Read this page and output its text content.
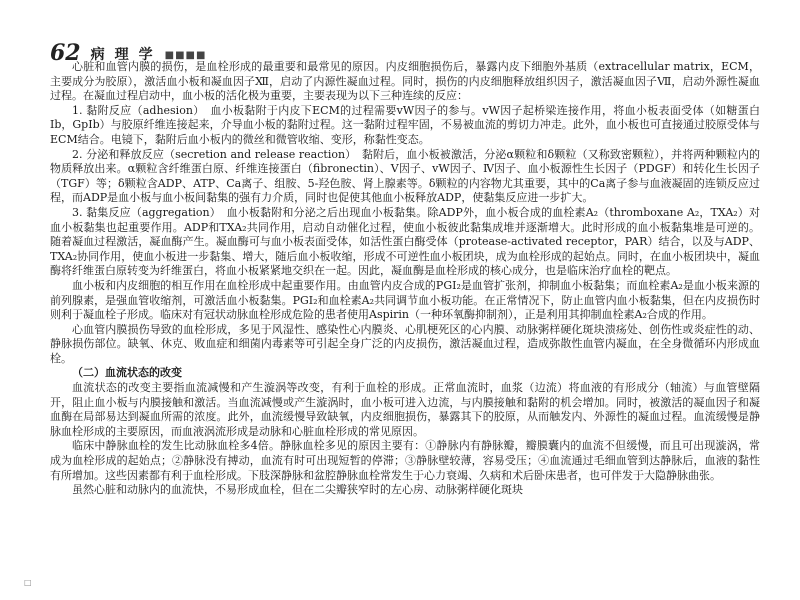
62 病理学 ■■■■

心脏和血管内膜的损伤，是血栓形成的最重要和最常见的原因。内皮细胞损伤后，暴露内皮下细胞外基质（extracellular matrix，ECM，主要成分为胶原），激活血小板和凝血因子Ⅻ，启动了内源性凝血过程。同时，损伤的内皮细胞释放组织因子，激活凝血因子Ⅶ，启动外源性凝血过程。在凝血过程启动中，血小板的活化极为重要，主要表现为以下三种连续的反应：

1. 黏附反应（adhesion）　血小板黏附于内皮下ECM的过程需要vW因子的参与。vW因子起桥梁连接作用，将血小板表面受体（如糖蛋白Ib，GpIb）与胶原纤维连接起来，介导血小板的黏附过程。这一黏附过程牢固，不易被血流的剪切力冲走。此外，血小板也可直接通过胶原受体与ECM结合。电镜下，黏附后血小板内的微丝和微管收缩、变形，称黏性变态。

2. 分泌和释放反应（secretion and release reaction）　黏附后，血小板被激活，分泌α颗粒和δ颗粒（又称致密颗粒），并将两种颗粒内的物质释放出来。α颗粒含纤维蛋白原、纤维连接蛋白（fibronectin）、Ⅴ因子、vW因子、Ⅳ因子、血小板源性生长因子（PDGF）和转化生长因子（TGF）等；δ颗粒含ADP、ATP、Ca离子、组胺、5-羟色胺、肾上腺素等。δ颗粒的内容物尤其重要，其中的Ca离子参与血液凝固的连锁反应过程，而ADP是血小板与血小板间黏集的强有力介质，同时也促使其他血小板释放ADP，使黏集反应进一步扩大。

3. 黏集反应（aggregation）　血小板黏附和分泌之后出现血小板黏集。除ADP外，血小板合成的血栓素A₂（thromboxane A₂，TXA₂）对血小板黏集也起重要作用。ADP和TXA₂共同作用，启动自动催化过程，使血小板彼此黏集成堆并逐渐增大。此时形成的血小板黏集堆是可逆的。随着凝血过程激活，凝血酶产生。凝血酶可与血小板表面受体，如活性蛋白酶受体（protease-activated receptor，PAR）结合，以及与ADP、TXA₂协同作用，使血小板进一步黏集、增大，随后血小板收缩，形成不可逆性血小板团块，成为血栓形成的起始点。同时，在血小板团块中，凝血酶将纤维蛋白原转变为纤维蛋白，将血小板紧紧地交织在一起。因此，凝血酶是血栓形成的核心成分，也是临床治疗血栓的靶点。

血小板和内皮细胞的相互作用在血栓形成中起重要作用。由血管内皮合成的PGI₂是血管扩张剂，抑制血小板黏集；而血栓素A₂是血小板来源的前列腺素，是强血管收缩剂，可激活血小板黏集。PGI₂和血栓素A₂共同调节血小板功能。在正常情况下，防止血管内血小板黏集，但在内皮损伤时则利于凝血栓子形成。临床对有冠状动脉血栓形成危险的患者使用Aspirin（一种环氧酶抑制剂），正是利用其抑制血栓素A₂合成的作用。

心血管内膜损伤导致的血栓形成，多见于风湿性、感染性心内膜炎、心肌梗死区的心内膜、动脉粥样硬化斑块溃疡处、创伤性或炎症性的动、静脉损伤部位。缺氧、休克、败血症和细菌内毒素等可引起全身广泛的内皮损伤，激活凝血过程，造成弥散性血管内凝血，在全身微循环内形成血栓。

（二）血流状态的改变

血流状态的改变主要指血流减慢和产生漩涡等改变，有利于血栓的形成。正常血流时，血浆（边流）将血液的有形成分（轴流）与血管壁隔开，阻止血小板与内膜接触和激活。当血流减慢或产生漩涡时，血小板可进入边流，与内膜接触和黏附的机会增加。同时，被激活的凝血因子和凝血酶在局部易达到凝血所需的浓度。此外，血流缓慢导致缺氧，内皮细胞损伤，暴露其下的胶原，从而触发内、外源性的凝血过程。血流缓慢是静脉血栓形成的主要原因，而血液涡流形成是动脉和心脏血栓形成的常见原因。

临床中静脉血栓的发生比动脉血栓多4倍。静脉血栓多见的原因主要有：①静脉内有静脉瓣，瓣膜囊内的血流不但缓慢，而且可出现漩涡，常成为血栓形成的起始点；②静脉没有搏动，血流有时可出现短暂的停滞；③静脉壁较薄，容易受压；④血流通过毛细血管到达静脉后，血液的黏性有所增加。这些因素都有利于血栓形成。下肢深静脉和盆腔静脉血栓常发生于心力衰竭、久病和术后卧床患者，也可伴发于大隐静脉曲张。

虽然心脏和动脉内的血流快，不易形成血栓，但在二尖瓣狭窄时的左心房、动脉粥样硬化斑块

□
